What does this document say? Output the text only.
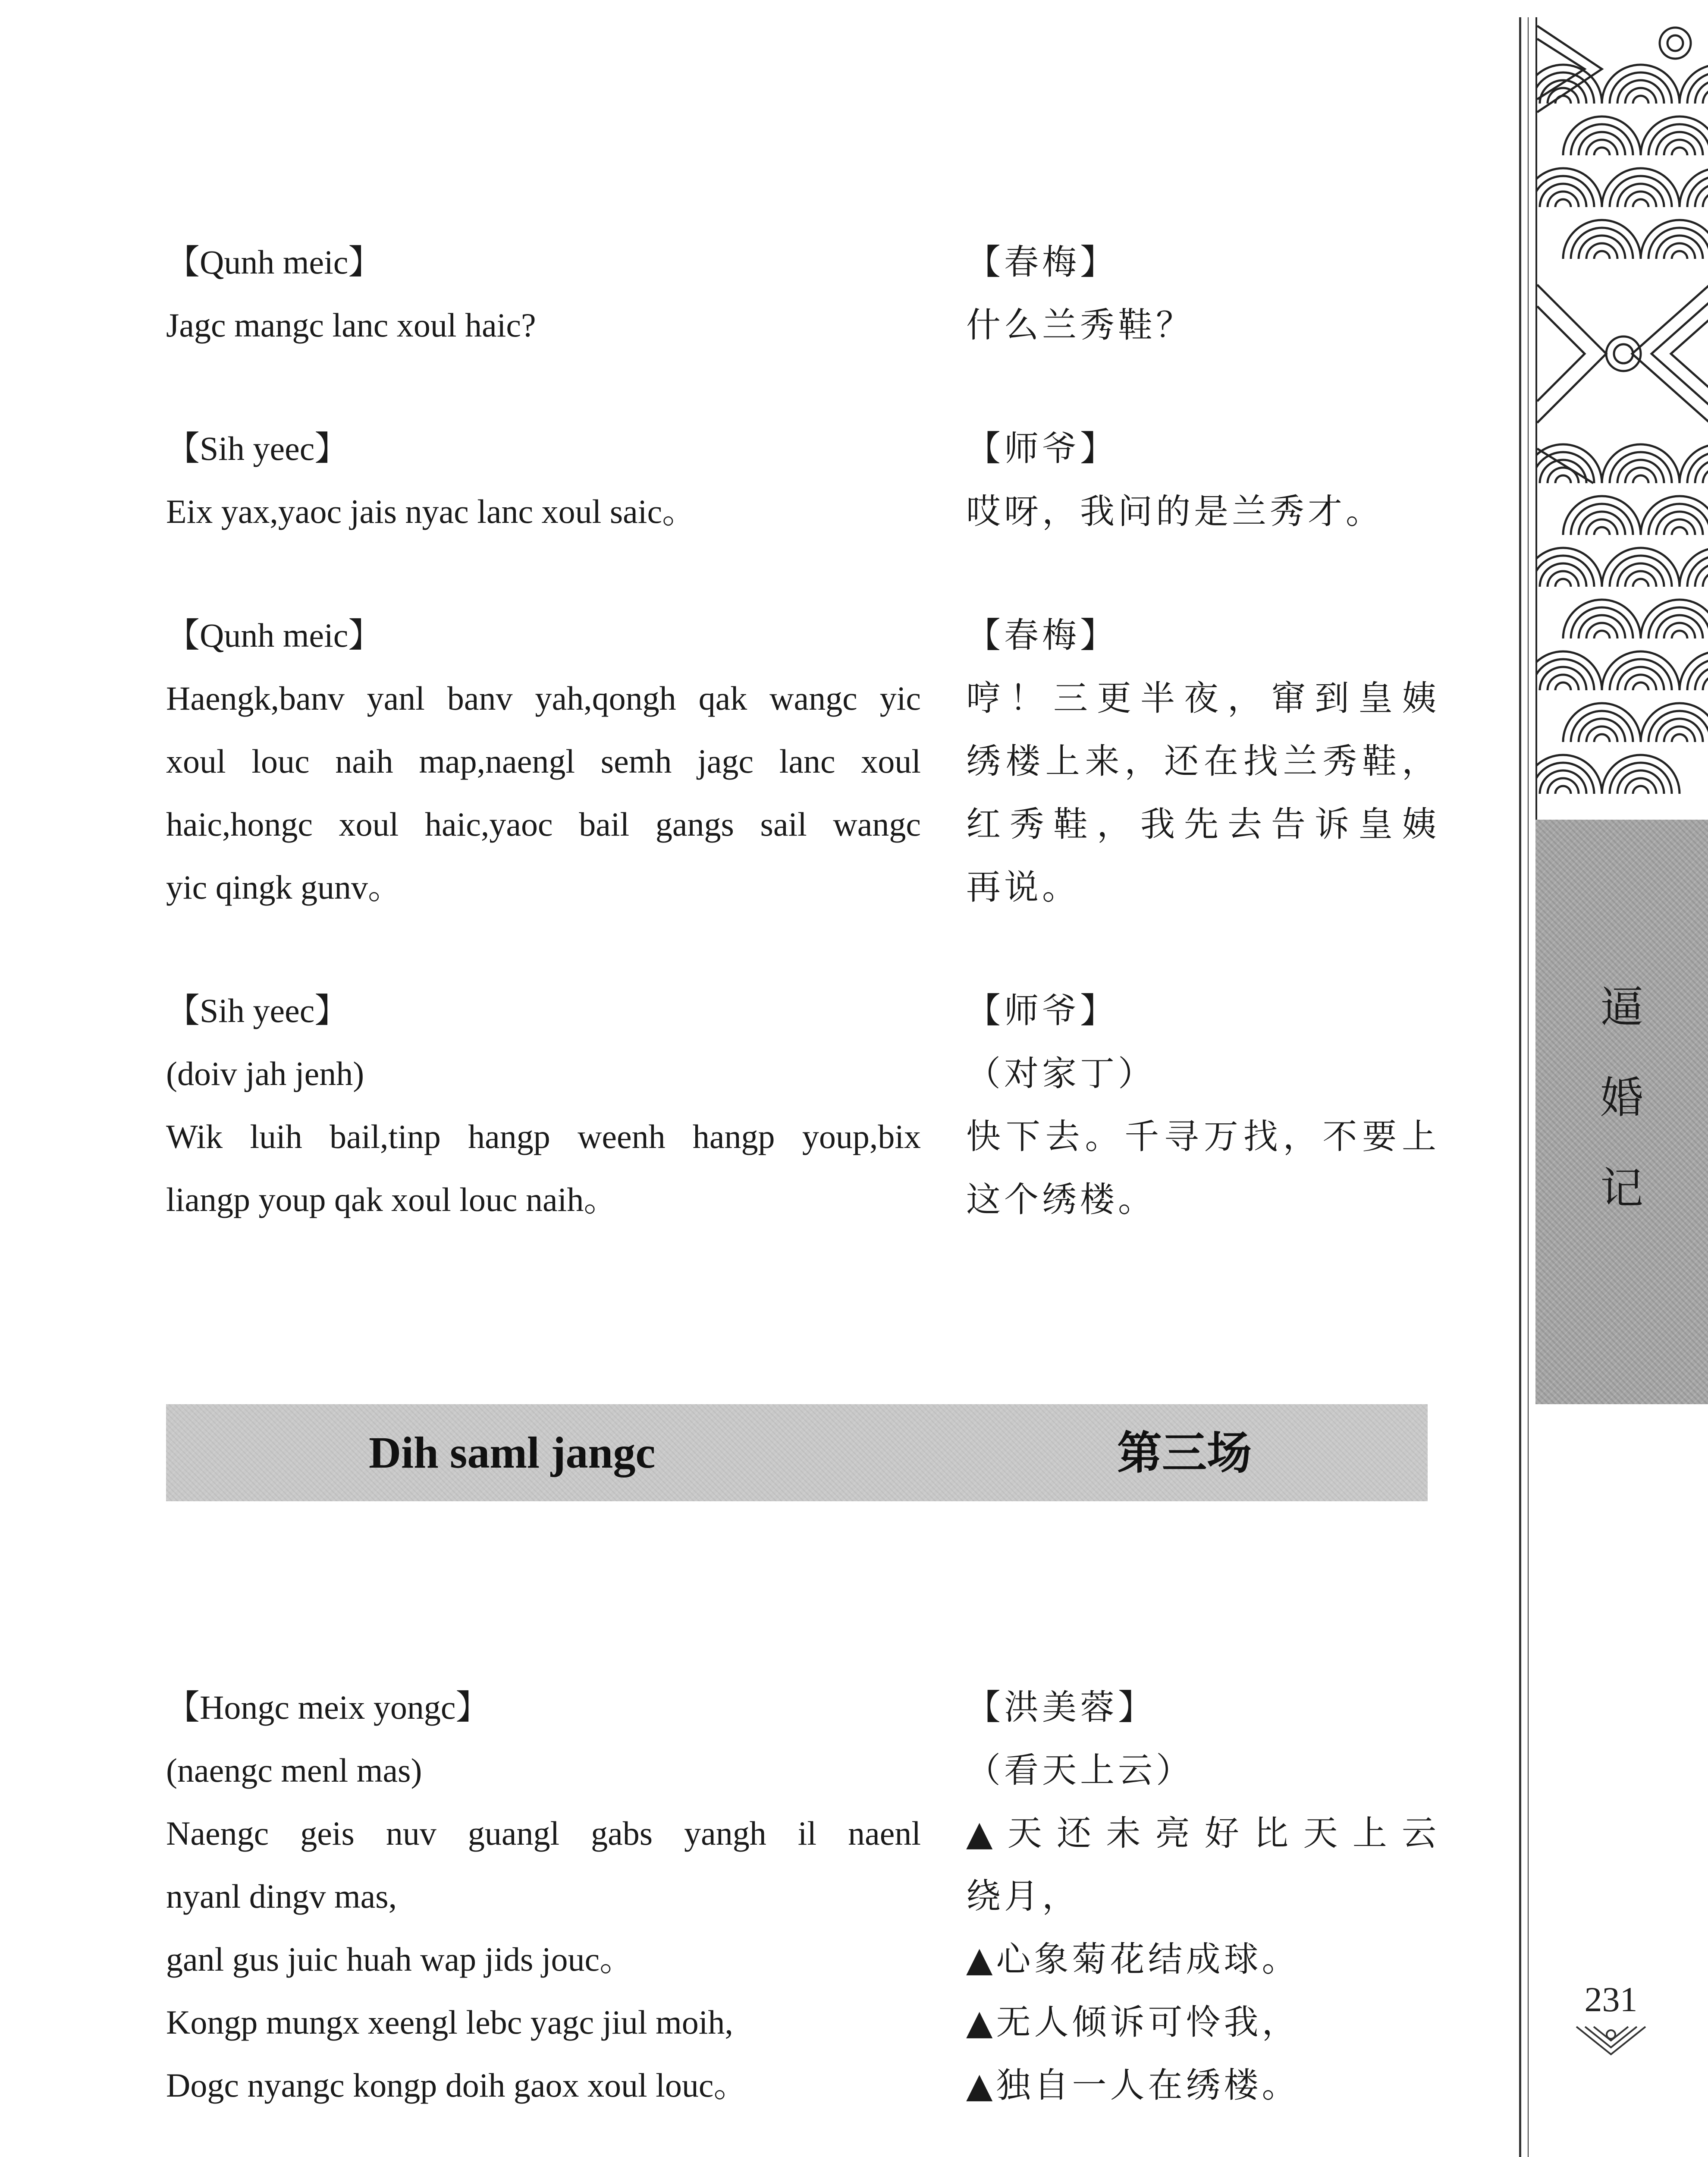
【Qunh meic】

Jagc mangc lanc xoul haic?

【春梅】

什么兰秀鞋？

【Sih yeec】

Eix yax,yaoc jais nyac lanc xoul saic。

【师爷】

哎呀，我问的是兰秀才。

【Qunh meic】

Haengk,banv yanl banv yah,qongh qak wangc yic

xoul louc naih map,naengl semh jagc lanc xoul

haic,hongc xoul haic,yaoc bail gangs sail wangc

yic qingk gunv。

【春梅】

哼！三更半夜，窜到皇姨

绣楼上来，还在找兰秀鞋，

红秀鞋，我先去告诉皇姨

再说。

【Sih yeec】

(doiv jah jenh)

Wik luih bail,tinp hangp weenh hangp youp,bix

liangp youp qak xoul louc naih。

【师爷】

（对家丁）

快下去。千寻万找，不要上

这个绣楼。

Dih saml jangc	第三场

【Hongc meix yongc】

(naengc menl mas)

Naengc geis nuv guangl gabs yangh il naenl

nyanl dingv mas,

ganl gus juic huah wap jids jouc。

Kongp mungx xeengl lebc yagc jiul moih,

Dogc nyangc kongp doih gaox xoul louc。

【洪美蓉】

（看天上云）

▲天还未亮好比天上云

绕月，

▲心象菊花结成球。

▲无人倾诉可怜我，

▲独自一人在绣楼。

逼
婚
记
231
